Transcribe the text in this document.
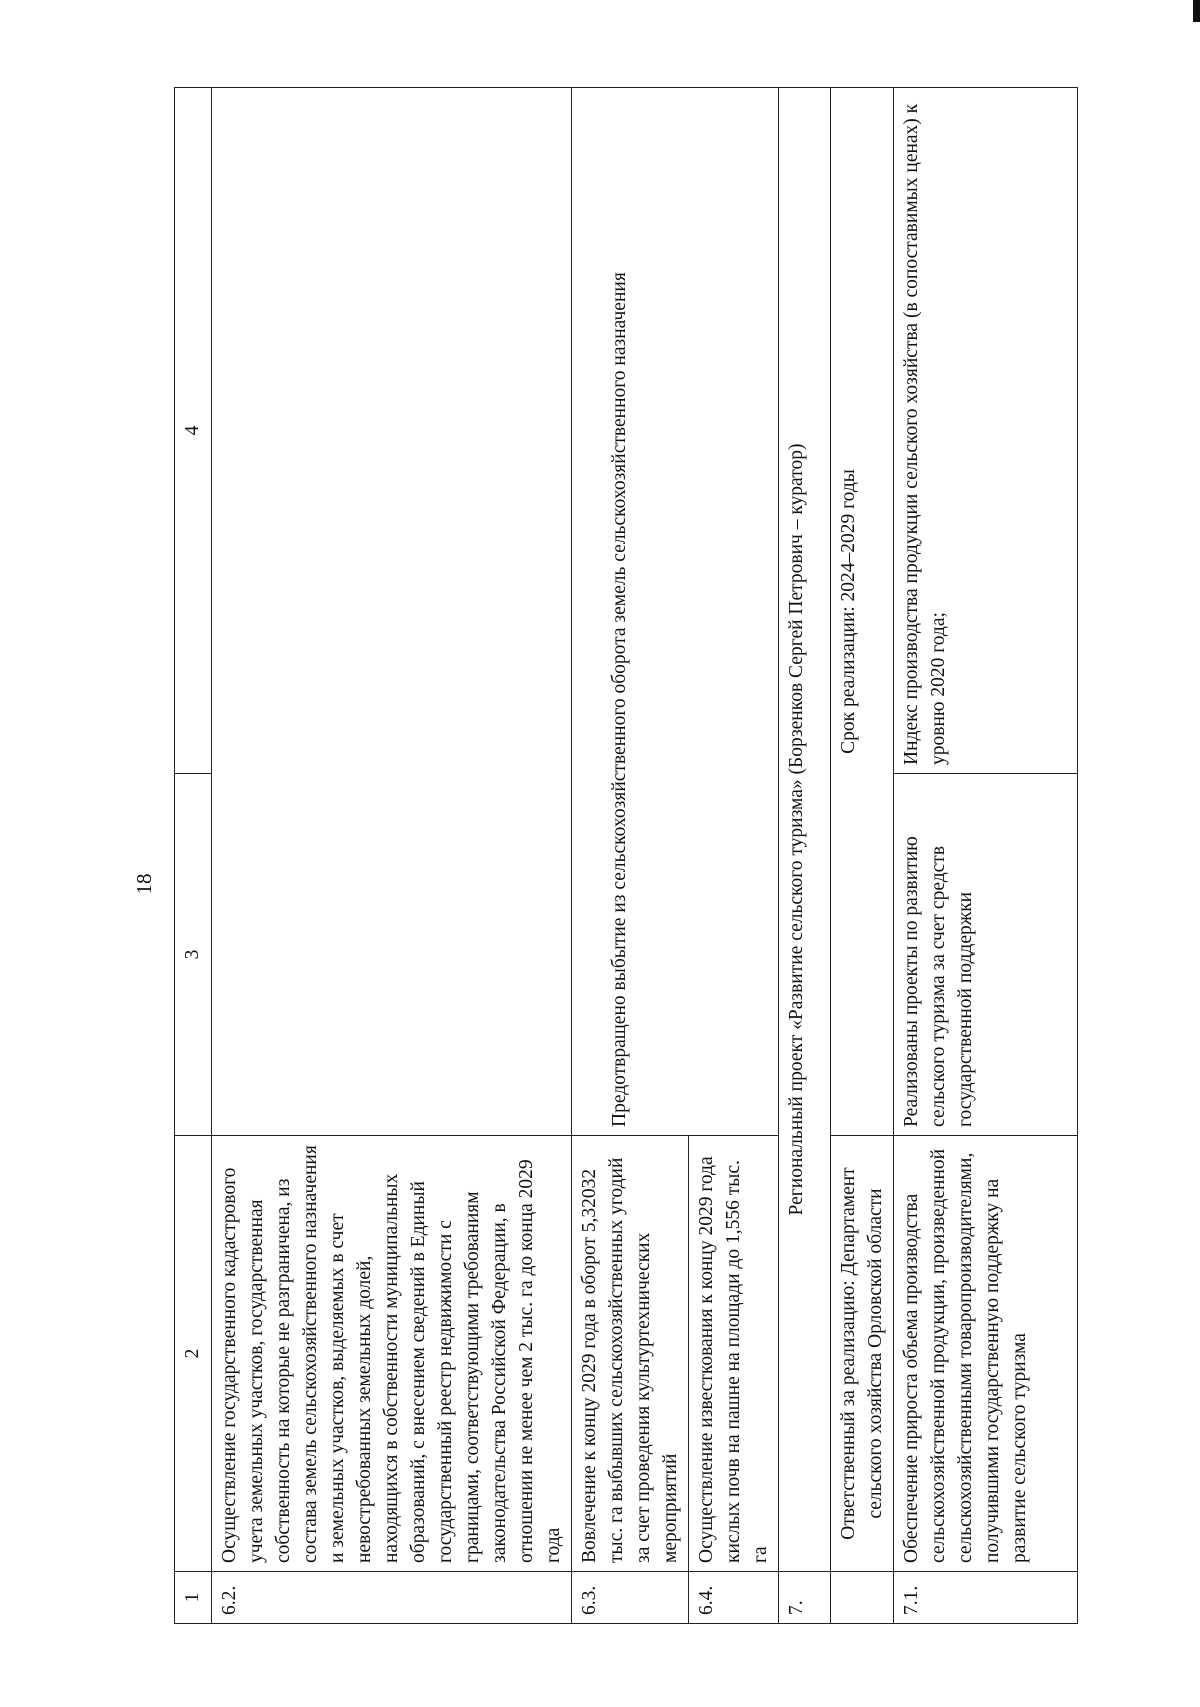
18
1	2	3	4
6.2.	Осуществление государственного кадастрового учета земельных участков, государственная собственность на которые не разграничена, из состава земель сельскохозяйственного назначения и земельных участков, выделяемых в счет невостребованных земельных долей, находящихся в собственности муниципальных образований, с внесением сведений в Единый государственный реестр недвижимости с границами, соответствующими требованиям законодательства Российской Федерации, в отношении не менее чем 2 тыс. га до конца 2029 года		
6.3.	Вовлечение к концу 2029 года в оборот 5,32032 тыс. га выбывших сельскохозяйственных угодий за счет проведения культуртехнических мероприятий	Предотвращено выбытие из сельскохозяйственного оборота земель сельскохозяйственного назначения	
6.4.	Осуществление известкования к концу 2029 года кислых почв на пашне на площади до 1,556 тыс. га		
7.	Региональный проект «Развитие сельского туризма» (Борзенков Сергей Петрович – куратор)		
	Ответственный за реализацию: Департамент сельского хозяйства Орловской области	Срок реализации: 2024–2029 годы	
7.1.	Обеспечение прироста объема производства сельскохозяйственной продукции, произведенной сельскохозяйственными товаропроизводителями, получившими государственную поддержку на развитие сельского туризма	Реализованы проекты по развитию сельского туризма за счет средств государственной поддержки	Индекс производства продукции сельского хозяйства (в сопоставимых ценах) к уровню 2020 года;
